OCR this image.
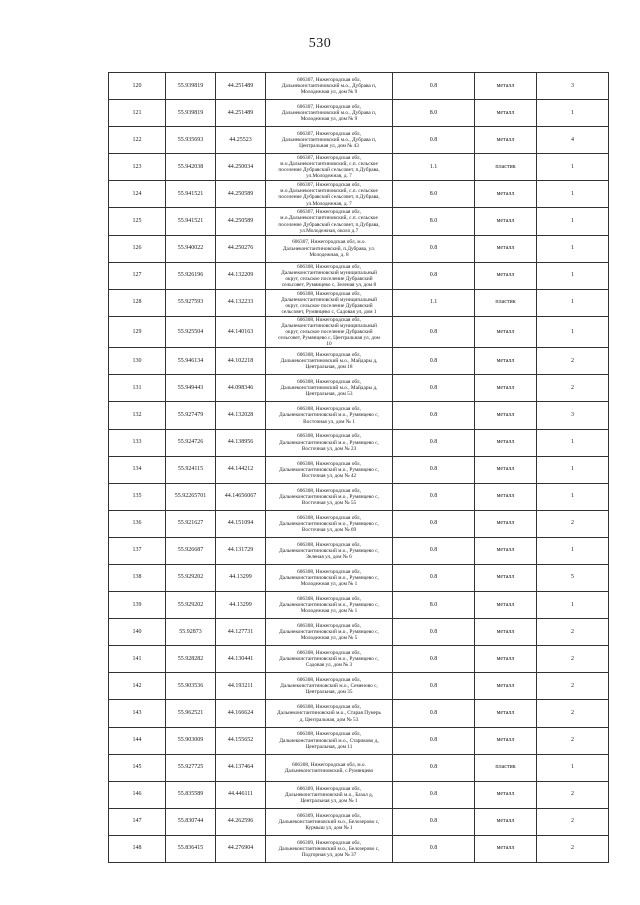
530
120	55.939819	44.251489	606307, Нижегородская обл,
Дальнеконстантиновский м.о., Дубрава п,
Молодежная ул, дом № 9	0.8	металл	3
121	55.939819	44.251489	606307, Нижегородская обл,
Дальнеконстантиновский м.о., Дубрава п,
Молодежная ул, дом № 9	8.0	металл	1
122	55.935693	44.25523	606307, Нижегородская обл,
Дальнеконстантиновский м.о., Дубрава п,
Центральная ул, дом № 43	0.8	металл	4
123	55.942038	44.250034	606307, Нижегородская обл,
м.о.Дальнеконстантиновский, с.п. сельское
поселение Дубравский сельсовет, п.Дубрава,
ул.Молодежная, д. 7	1.1	пластик	1
124	55.941521	44.250589	606307, Нижегородская обл,
м.о.Дальнеконстантиновский, с.п. сельское
поселение Дубравский сельсовет, п.Дубрава,
ул.Молодежная, д. 7	8.0	металл	1
125	55.941521	44.250589	606307, Нижегородская обл,
м.о.Дальнеконстантиновский, с.п. сельское
поселение Дубравский сельсовет, п.Дубрава,
ул.Молодежная, около д.7	8.0	металл	1
126	55.940022	44.250276	606307, Нижегородская обл, м.о.
Дальнеконстантиновский, п.Дубрава, ул.
Молодежная, д. 8	0.8	металл	1
127	55.926196	44.132209	606308, Нижегородская обл,
Дальнеконстантиновский муниципальный
округ, сельское поселение Дубравский
сельсовет, Румянцево с, Зеленая ул, дом 8	0.8	металл	1
128	55.927593	44.132233	606308, Нижегородская обл,
Дальнеконстантиновский муниципальный
округ, сельское поселение Дубравский
сельсовет, Румянцево с, Садовая ул, дом 1	1.1	пластик	1
129	55.925504	44.140163	606308, Нижегородская обл,
Дальнеконстантиновский муниципальный
округ, сельское поселение Дубравский
сельсовет, Румянцево с, Центральная ул, дом
10	0.8	металл	1
130	55.946134	44.102218	606308, Нижегородская обл,
Дальнеконстантиновский м.о., Майдары д,
Центральная, дом 18	0.8	металл	2
131	55.949443	44.098346	606308, Нижегородская обл,
Дальнеконстантиновский м.о., Майдары д,
Центральная, дом 53	0.8	металл	2
132	55.927479	44.132028	606308, Нижегородская обл,
Дальнеконстантиновский м.о., Румянцево с,
Восточная ул, дом № 1	0.8	металл	3
133	55.924726	44.138956	606308, Нижегородская обл,
Дальнеконстантиновский м.о., Румянцево с,
Восточная ул, дом № 23	0.8	металл	1
134	55.924115	44.144212	606308, Нижегородская обл,
Дальнеконстантиновский м.о., Румянцево с,
Восточная ул, дом № 42	0.8	металл	1
135	55.92265701	44.14656067	606308, Нижегородская обл,
Дальнеконстантиновский м.о., Румянцево с,
Восточная ул, дом № 55	0.8	металл	1
136	55.921627	44.151094	606308, Нижегородская обл,
Дальнеконстантиновский м.о., Румянцево с,
Восточная ул, дом № 69	0.8	металл	2
137	55.926687	44.131729	606308, Нижегородская обл,
Дальнеконстантиновский м.о., Румянцево с,
Зеленая ул, дом № 6	0.8	металл	1
138	55.929202	44.13299	606308, Нижегородская обл,
Дальнеконстантиновский м.о., Румянцево с,
Молодежная ул, дом № 1	0.8	металл	5
139	55.929202	44.13299	606308, Нижегородская обл,
Дальнеконстантиновский м.о., Румянцево с,
Молодежная ул, дом № 1	8.0	металл	1
140	55.92873	44.127731	606308, Нижегородская обл,
Дальнеконстантиновский м.о., Румянцево с,
Молодежная ул, дом № 5	0.8	металл	2
141	55.928282	44.130441	606308, Нижегородская обл,
Дальнеконстантиновский м.о., Румянцево с,
Садовая ул, дом № 3	0.8	металл	2
142	55.903536	44.193211	606308, Нижегородская обл,
Дальнеконстантиновский м.о., Семеново с,
Центральная, дом 35	0.8	металл	2
143	55.962521	44.166624	606308, Нижегородская обл,
Дальнеконстантиновский м.о., Старая Пунерь
д, Центральная, дом № 53	0.8	металл	2
144	55.903009	44.155652	606308, Нижегородская обл,
Дальнеконстантиновский м.о., Стариково д,
Центральная, дом 11	0.8	металл	2
145	55.927725	44.137464	606308, Нижегородская обл, м.о.
Дальнеконстантиновский, с.Румянцево	0.8	пластик	1
146	55.835589	44.446111	606309, Нижегородская обл,
Дальнеконстантиновский м.о., Базал д,
Центральная ул, дом № 1	0.8	металл	2
147	55.830744	44.262596	606309, Нижегородская обл,
Дальнеконстантиновский м.о., Белозерово с,
Курмыш ул, дом № 1	0.8	металл	2
148	55.836415	44.276904	606309, Нижегородская обл,
Дальнеконстантиновский м.о., Белозерово с,
Подгорная ул, дом № 37	0.8	металл	2
